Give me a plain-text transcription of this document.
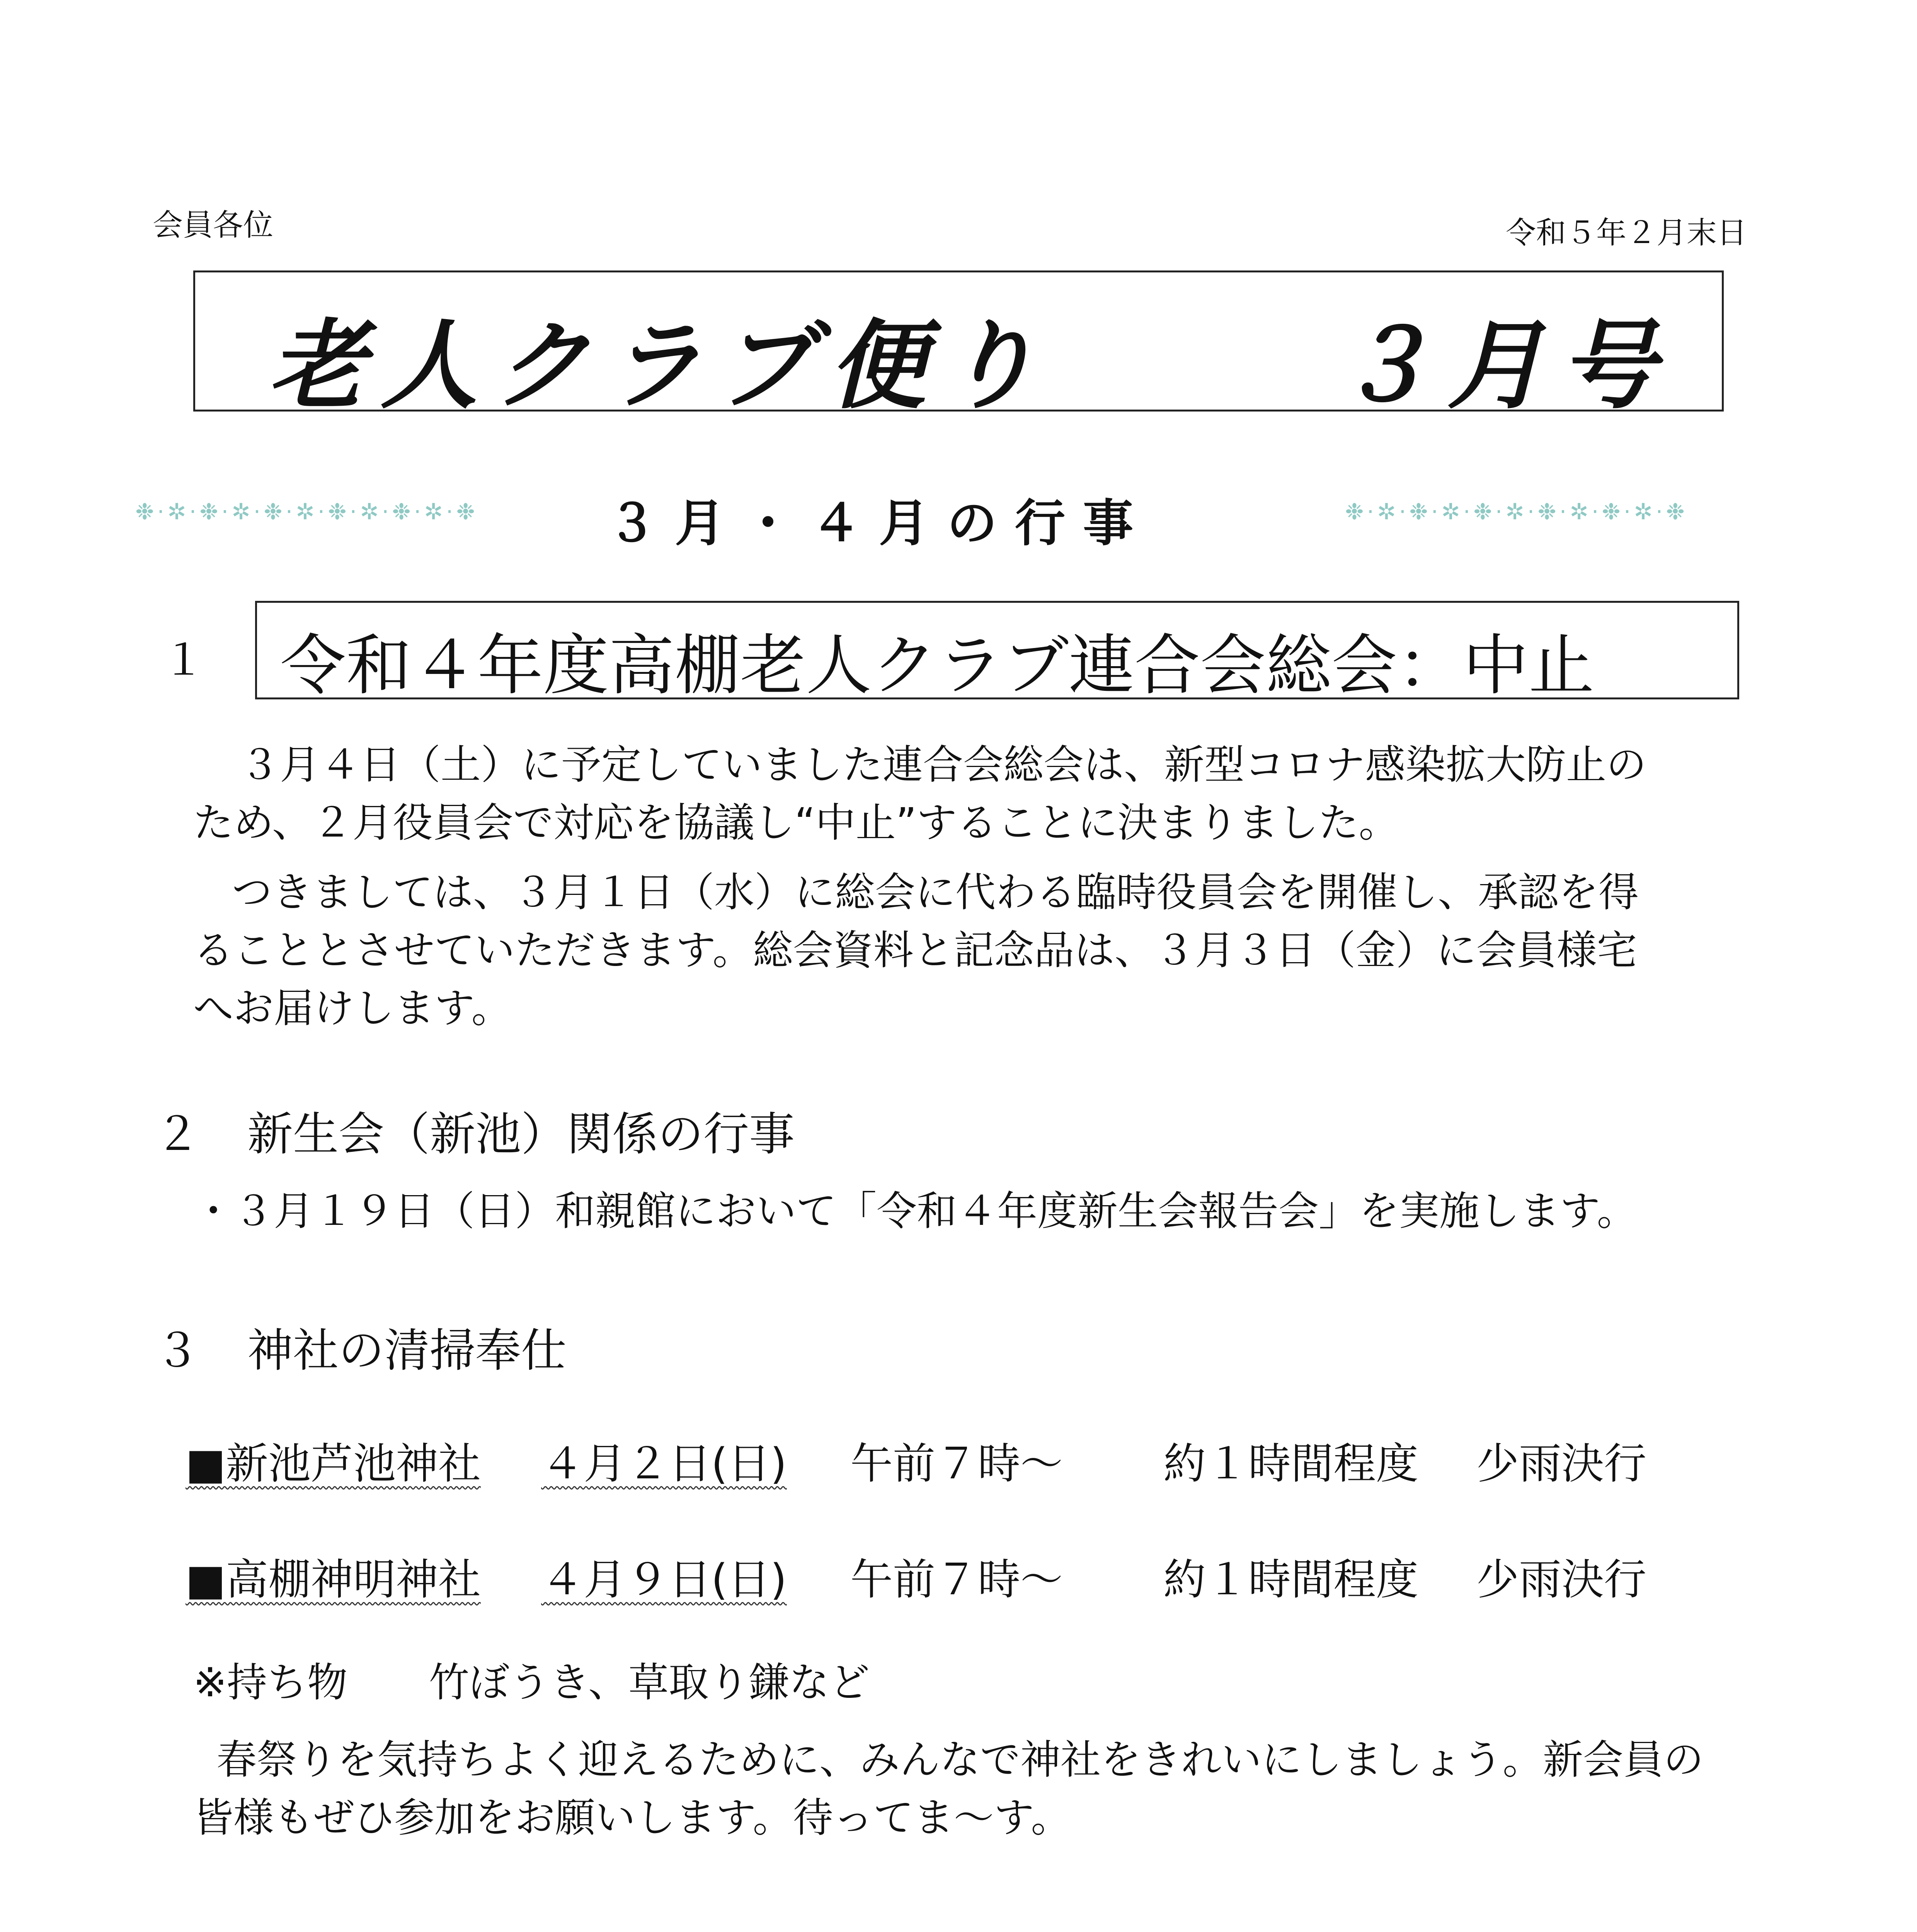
会員各位	令和５年２月末日
老人クラブ便り	３月号
❉·✲·❉·✲·❉·✲·❉·✲·❉·✲·❉	３月・４月の行事	❉·✲·❉·✲·❉·✲·❉·✲·❉·✲·❉
１ 令和４年度高棚老人クラブ連合会総会：中止
３月４日（土）に予定していました連合会総会は、新型コロナ感染拡大防止の
ため、２月役員会で対応を協議し“中止”することに決まりました。
つきましては、３月１日（水）に総会に代わる臨時役員会を開催し、承認を得
ることとさせていただきます。総会資料と記念品は、３月３日（金）に会員様宅
へお届けします。
２ 新生会（新池）関係の行事
・３月１９日（日）和親館において「令和４年度新生会報告会」を実施します。
３ 神社の清掃奉仕
■新池芦池神社 ４月２日(日) 午前７時～ 約１時間程度 少雨決行
■高棚神明神社 ４月９日(日) 午前７時～ 約１時間程度 少雨決行
※持ち物 竹ぼうき、草取り鎌など
春祭りを気持ちよく迎えるために、みんなで神社をきれいにしましょう。新会員の
皆様もぜひ参加をお願いします。待ってま～す。
